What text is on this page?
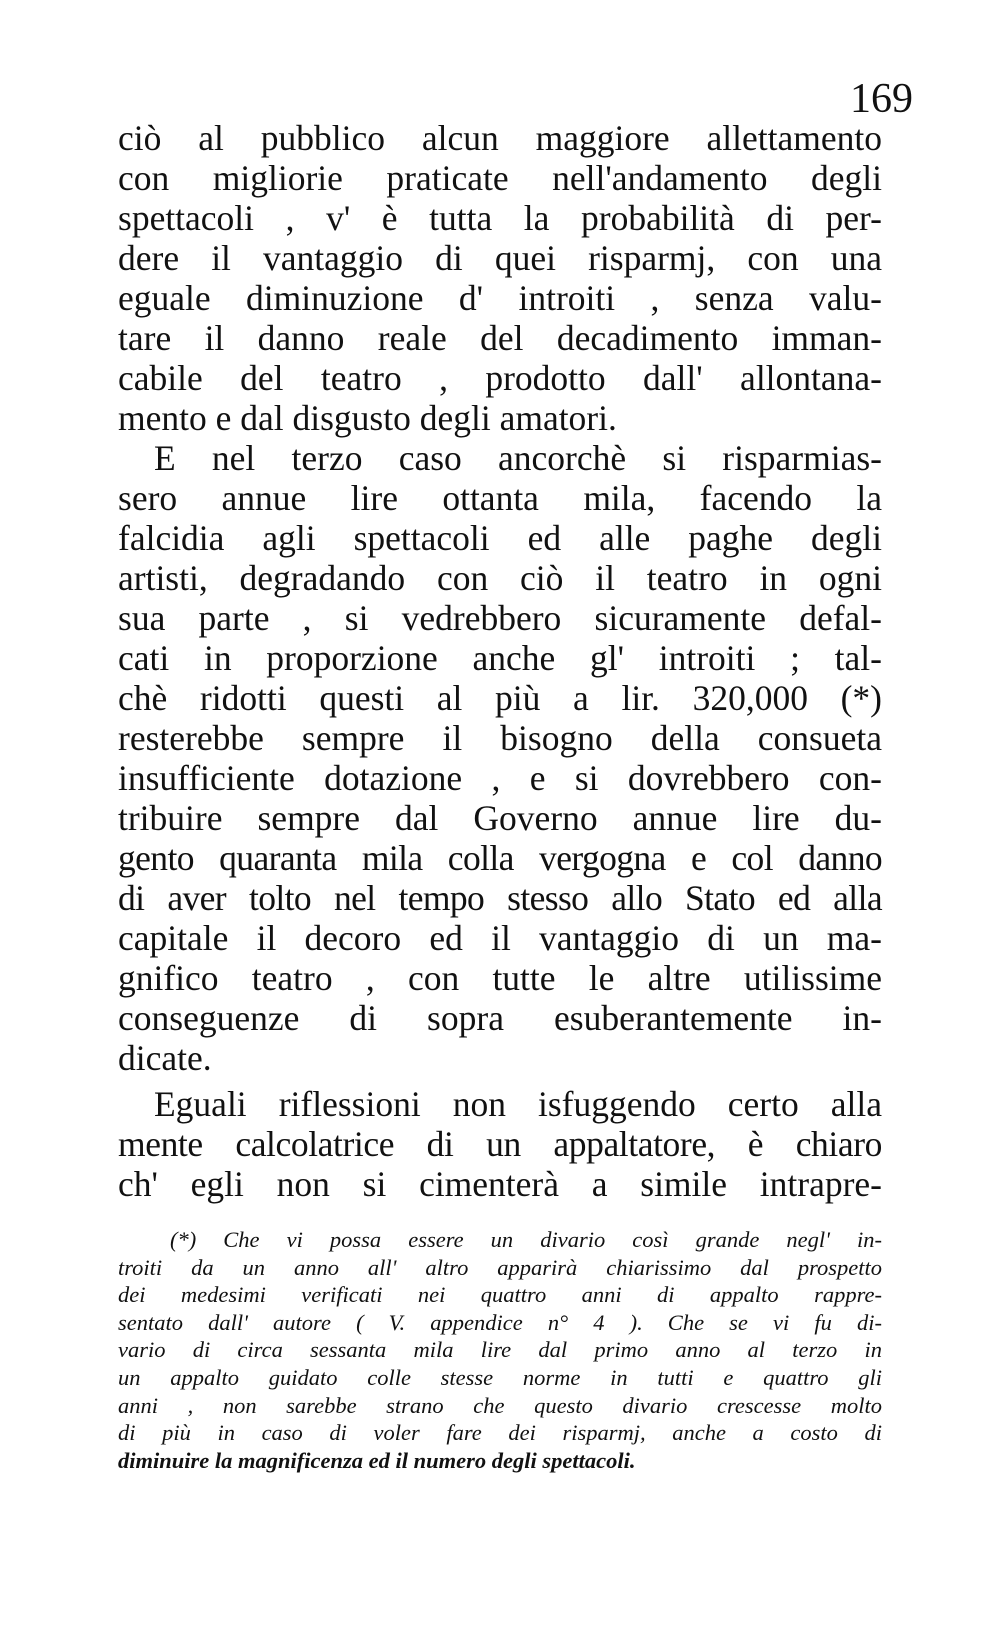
169
ciò al pubblico alcun maggiore allettamento
con migliorie praticate nell'andamento degli
spettacoli , v' è tutta la probabilità di per-
dere il vantaggio di quei risparmj, con una
eguale diminuzione d' introiti , senza valu-
tare il danno reale del decadimento imman-
cabile del teatro , prodotto dall' allontana-
mento e dal disgusto degli amatori.
E nel terzo caso ancorchè si risparmias-
sero annue lire ottanta mila, facendo la
falcidia agli spettacoli ed alle paghe degli
artisti, degradando con ciò il teatro in ogni
sua parte , si vedrebbero sicuramente defal-
cati in proporzione anche gl' introiti ; tal-
chè ridotti questi al più a lir. 320,000 (*)
resterebbe sempre il bisogno della consueta
insufficiente dotazione , e si dovrebbero con-
tribuire sempre dal Governo annue lire du-
gento quaranta mila colla vergogna e col danno
di aver tolto nel tempo stesso allo Stato ed alla
capitale il decoro ed il vantaggio di un ma-
gnifico teatro , con tutte le altre utilissime
conseguenze di sopra esuberantemente in-
dicate.
Eguali riflessioni non isfuggendo certo alla
mente calcolatrice di un appaltatore, è chiaro
ch' egli non si cimenterà a simile intrapre-
(*) Che vi possa essere un divario così grande negl' in-
troiti da un anno all' altro apparirà chiarissimo dal prospetto
dei medesimi verificati nei quattro anni di appalto rappre-
sentato dall' autore ( V. appendice n° 4 ). Che se vi fu di-
vario di circa sessanta mila lire dal primo anno al terzo in
un appalto guidato colle stesse norme in tutti e quattro gli
anni , non sarebbe strano che questo divario crescesse molto
di più in caso di voler fare dei risparmj, anche a costo di
diminuire la magnificenza ed il numero degli spettacoli.
